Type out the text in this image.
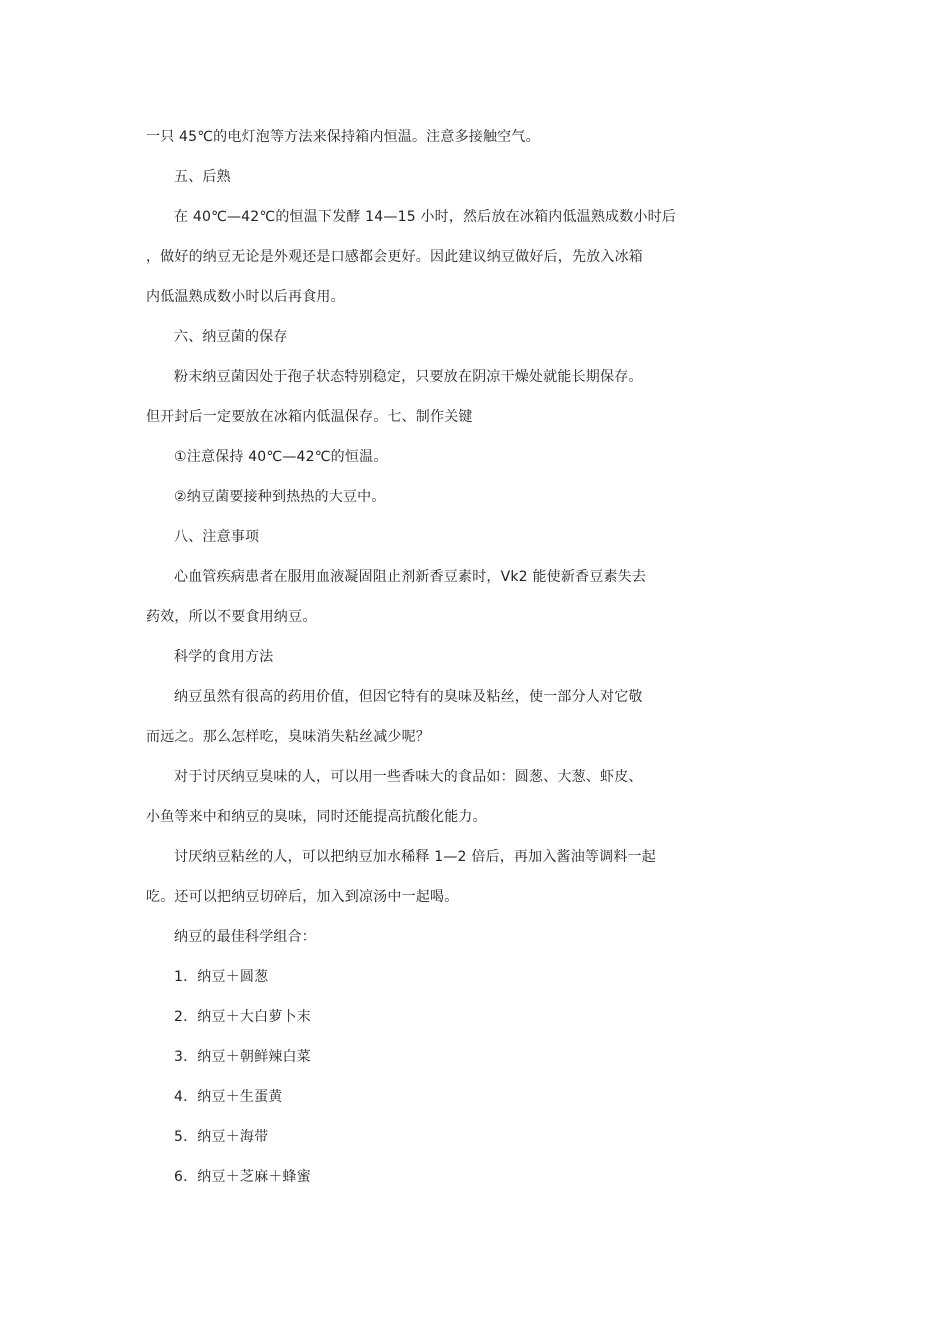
一只 45℃的电灯泡等方法来保持箱内恒温。注意多接触空气。
五、后熟
在 40℃—42℃的恒温下发酵 14—15 小时，然后放在冰箱内低温熟成数小时后
，做好的纳豆无论是外观还是口感都会更好。因此建议纳豆做好后，先放入冰箱
内低温熟成数小时以后再食用。
六、纳豆菌的保存
粉末纳豆菌因处于孢子状态特别稳定，只要放在阴凉干燥处就能长期保存。
但开封后一定要放在冰箱内低温保存。七、制作关键
①注意保持 40℃—42℃的恒温。
②纳豆菌要接种到热热的大豆中。
八、注意事项
心血管疾病患者在服用血液凝固阻止剂新香豆素时，Vk2 能使新香豆素失去
药效，所以不要食用纳豆。
科学的食用方法
纳豆虽然有很高的药用价值，但因它特有的臭味及粘丝，使一部分人对它敬
而远之。那么怎样吃，臭味消失粘丝减少呢？
对于讨厌纳豆臭味的人，可以用一些香味大的食品如：圆葱、大葱、虾皮、
小鱼等来中和纳豆的臭味，同时还能提高抗酸化能力。
讨厌纳豆粘丝的人，可以把纳豆加水稀释 1—2 倍后，再加入酱油等调料一起
吃。还可以把纳豆切碎后，加入到凉汤中一起喝。
纳豆的最佳科学组合：
1．纳豆＋圆葱
2．纳豆＋大白萝卜末
3．纳豆＋朝鲜辣白菜
4．纳豆＋生蛋黄
5．纳豆＋海带
6．纳豆＋芝麻＋蜂蜜
